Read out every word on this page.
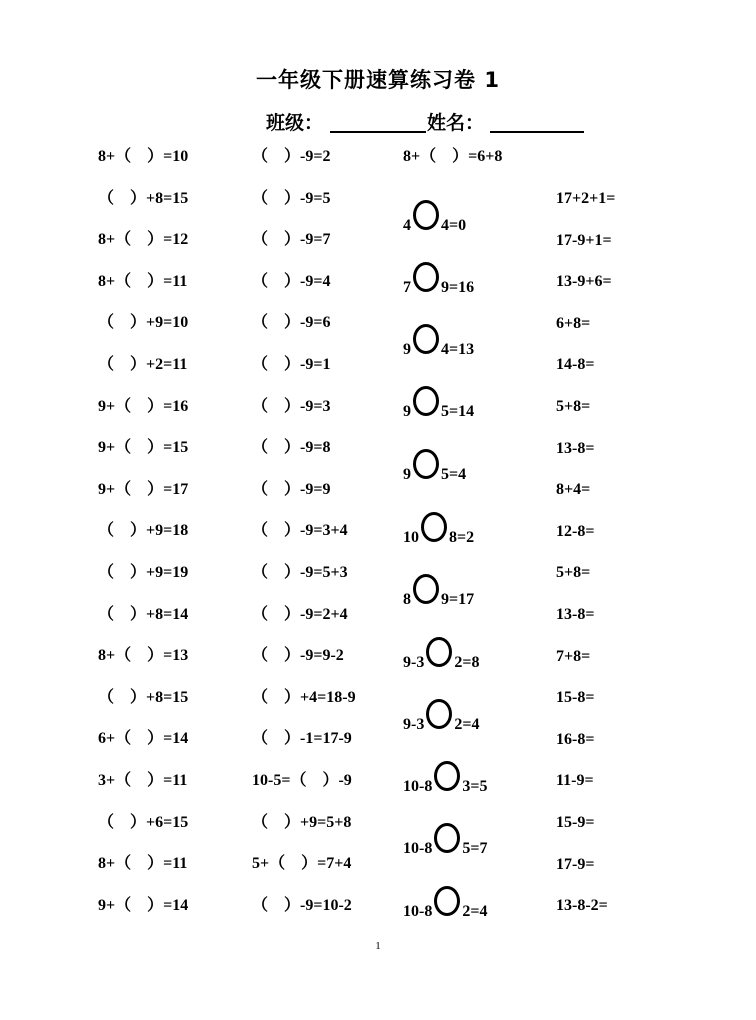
一年级下册速算练习卷 1
班级：	姓名：
8+（　）=10
（　）+8=15
8+（　）=12
8+（　）=11
（　）+9=10
（　）+2=11
9+（　）=16
9+（　）=15
9+（　）=17
（　）+9=18
（　）+9=19
（　）+8=14
8+（　）=13
（　）+8=15
6+（　）=14
3+（　）=11
（　）+6=15
8+（　）=11
9+（　）=14
（　）-9=2
（　）-9=5
（　）-9=7
（　）-9=4
（　）-9=6
（　）-9=1
（　）-9=3
（　）-9=8
（　）-9=9
（　）-9=3+4
（　）-9=5+3
（　）-9=2+4
（　）-9=9-2
（　）+4=18-9
（　）-1=17-9
10-5=（　）-9
（　）+9=5+8
5+（　）=7+4
（　）-9=10-2
8+（　）=6+8
4 4=0
7 9=16
9 4=13
9 5=14
9 5=4
10 8=2
8 9=17
9-3 2=8
9-3 2=4
10-8 3=5
10-8 5=7
10-8 2=4
17+2+1=
17-9+1=
13-9+6=
6+8=
14-8=
5+8=
13-8=
8+4=
12-8=
5+8=
13-8=
7+8=
15-8=
16-8=
11-9=
15-9=
17-9=
13-8-2=
1
